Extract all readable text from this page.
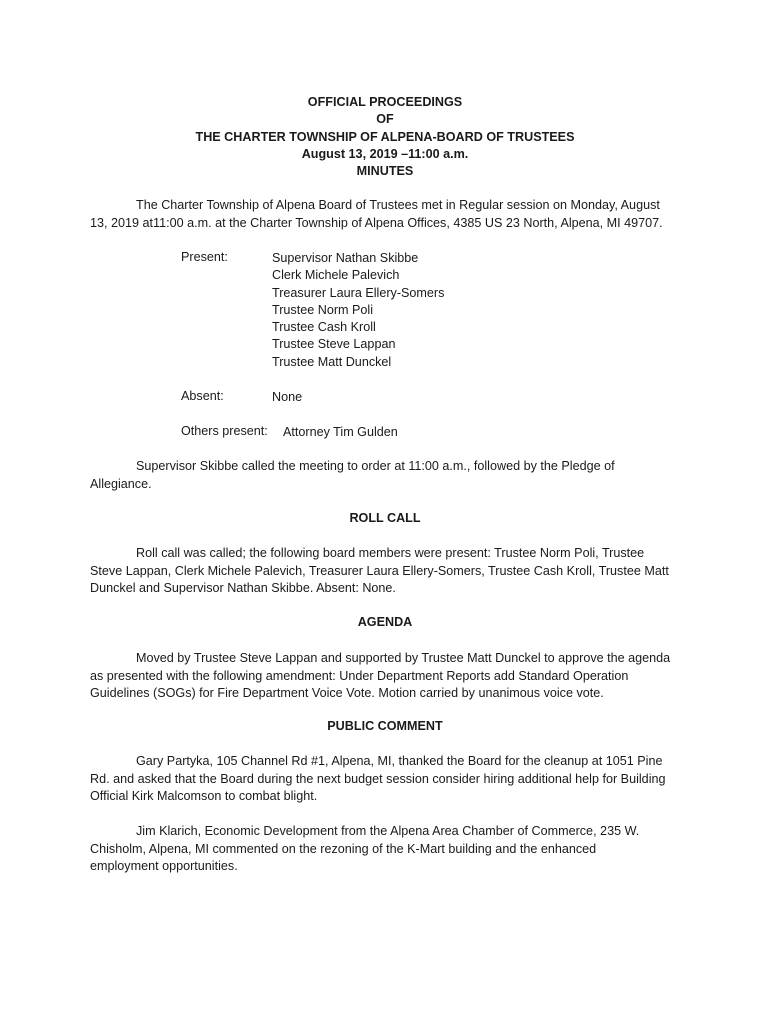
OFFICIAL PROCEEDINGS
OF
THE CHARTER TOWNSHIP OF ALPENA-BOARD OF TRUSTEES
August 13, 2019 –11:00 a.m.
MINUTES
The Charter Township of Alpena Board of Trustees met in Regular session on Monday, August
13, 2019 at11:00 a.m. at the Charter Township of Alpena Offices, 4385 US 23 North, Alpena, MI 49707.
Present:	Supervisor Nathan Skibbe
Clerk Michele Palevich
Treasurer Laura Ellery-Somers
Trustee Norm Poli
Trustee Cash Kroll
Trustee Steve Lappan
Trustee Matt Dunckel
Absent:	None
Others present: Attorney Tim Gulden
Supervisor Skibbe called the meeting to order at 11:00 a.m., followed by the Pledge of
Allegiance.
ROLL CALL
Roll call was called; the following board members were present: Trustee Norm Poli, Trustee
Steve Lappan, Clerk Michele Palevich, Treasurer Laura Ellery-Somers, Trustee Cash Kroll, Trustee Matt
Dunckel and Supervisor Nathan Skibbe. Absent: None.
AGENDA
Moved by Trustee Steve Lappan and supported by Trustee Matt Dunckel to approve the agenda
as presented with the following amendment: Under Department Reports add Standard Operation
Guidelines (SOGs) for Fire Department Voice Vote. Motion carried by unanimous voice vote.
PUBLIC COMMENT
Gary Partyka, 105 Channel Rd #1, Alpena, MI, thanked the Board for the cleanup at 1051 Pine
Rd. and asked that the Board during the next budget session consider hiring additional help for Building
Official Kirk Malcomson to combat blight.
Jim Klarich, Economic Development from the Alpena Area Chamber of Commerce, 235 W.
Chisholm, Alpena, MI commented on the rezoning of the K-Mart building and the enhanced
employment opportunities.
